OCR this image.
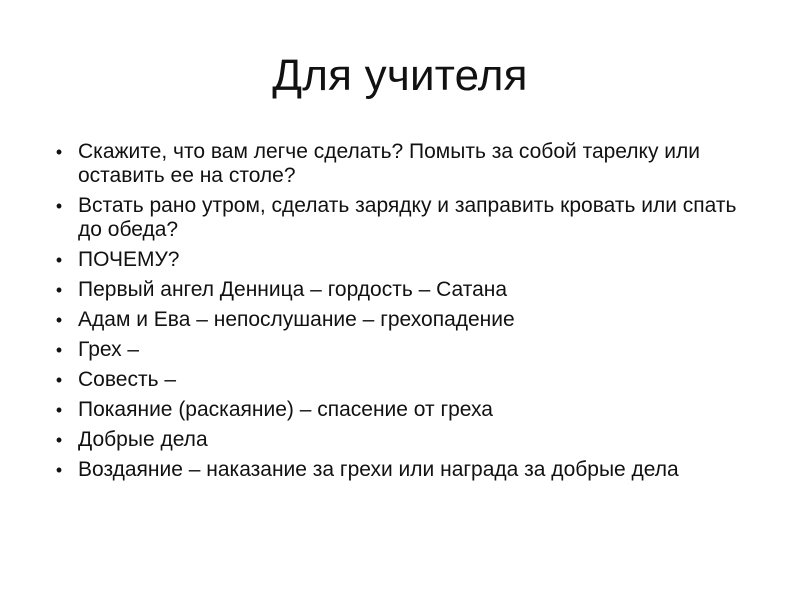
Для учителя
• Скажите, что вам легче сделать? Помыть за собой тарелку или оставить ее на столе?
• Встать рано утром, сделать зарядку и заправить кровать или спать до обеда?
• ПОЧЕМУ?
• Первый ангел Денница – гордость – Сатана
• Адам и Ева – непослушание – грехопадение
• Грех –
• Совесть –
• Покаяние (раскаяние) – спасение от греха
• Добрые дела
• Воздаяние – наказание за грехи или награда за добрые дела
